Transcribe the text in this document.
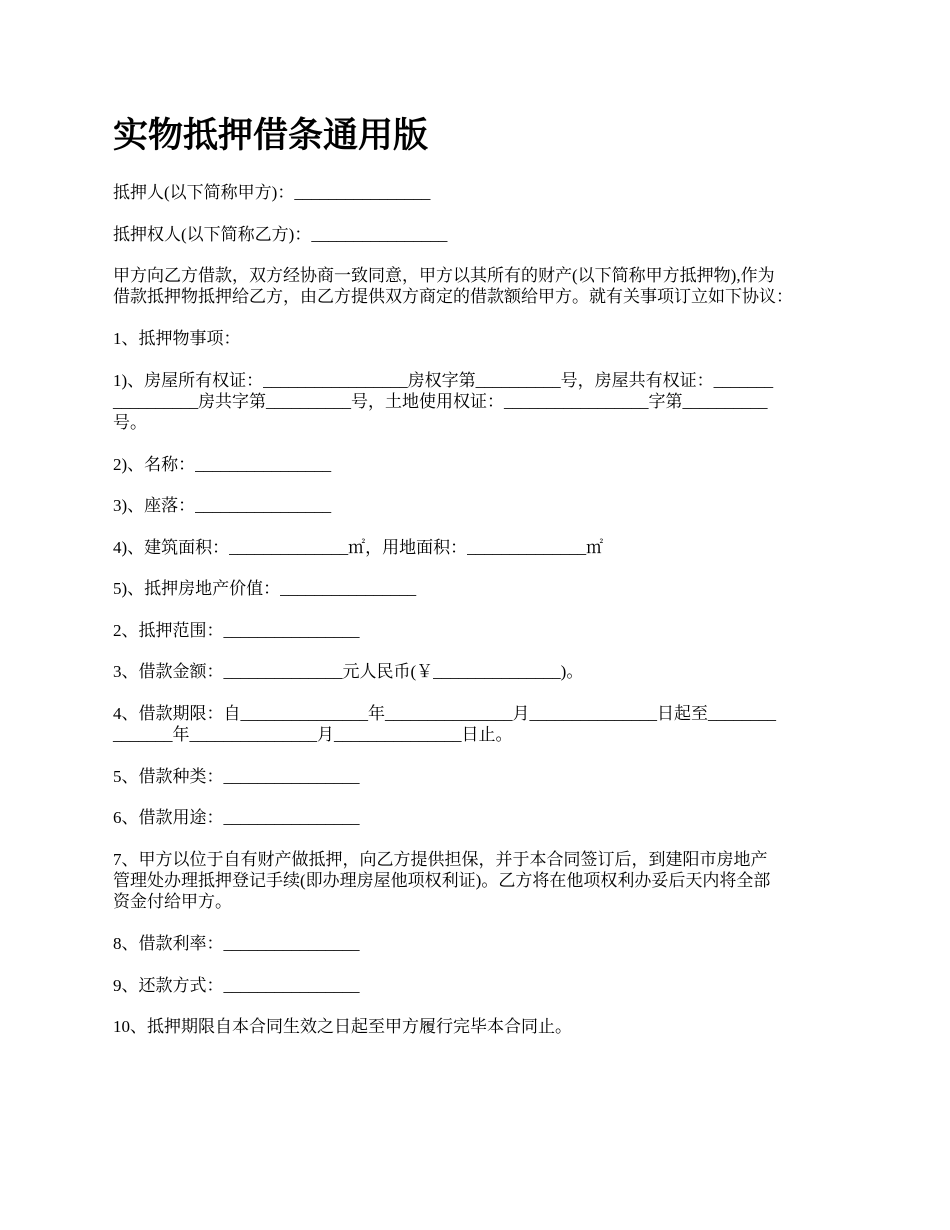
实物抵押借条通用版
抵押人(以下简称甲方)：________________
抵押权人(以下简称乙方)：________________
甲方向乙方借款，双方经协商一致同意，甲方以其所有的财产(以下简称甲方抵押物),作为
借款抵押物抵押给乙方，由乙方提供双方商定的借款额给甲方。就有关事项订立如下协议：
1、抵押物事项：
1)、房屋所有权证：_________________房权字第__________号，房屋共有权证：_______
__________房共字第__________号，土地使用权证：_________________字第__________
号。
2)、名称：________________
3)、座落：________________
4)、建筑面积：______________㎡，用地面积：______________㎡
5)、抵押房地产价值：________________
2、抵押范围：________________
3、借款金额：______________元人民币(￥_______________)。
4、借款期限：自_______________年_______________月_______________日起至________
_______年_______________月_______________日止。
5、借款种类：________________
6、借款用途：________________
7、甲方以位于自有财产做抵押，向乙方提供担保，并于本合同签订后，到建阳市房地产
管理处办理抵押登记手续(即办理房屋他项权利证)。乙方将在他项权利办妥后天内将全部
资金付给甲方。
8、借款利率：________________
9、还款方式：________________
10、抵押期限自本合同生效之日起至甲方履行完毕本合同止。
